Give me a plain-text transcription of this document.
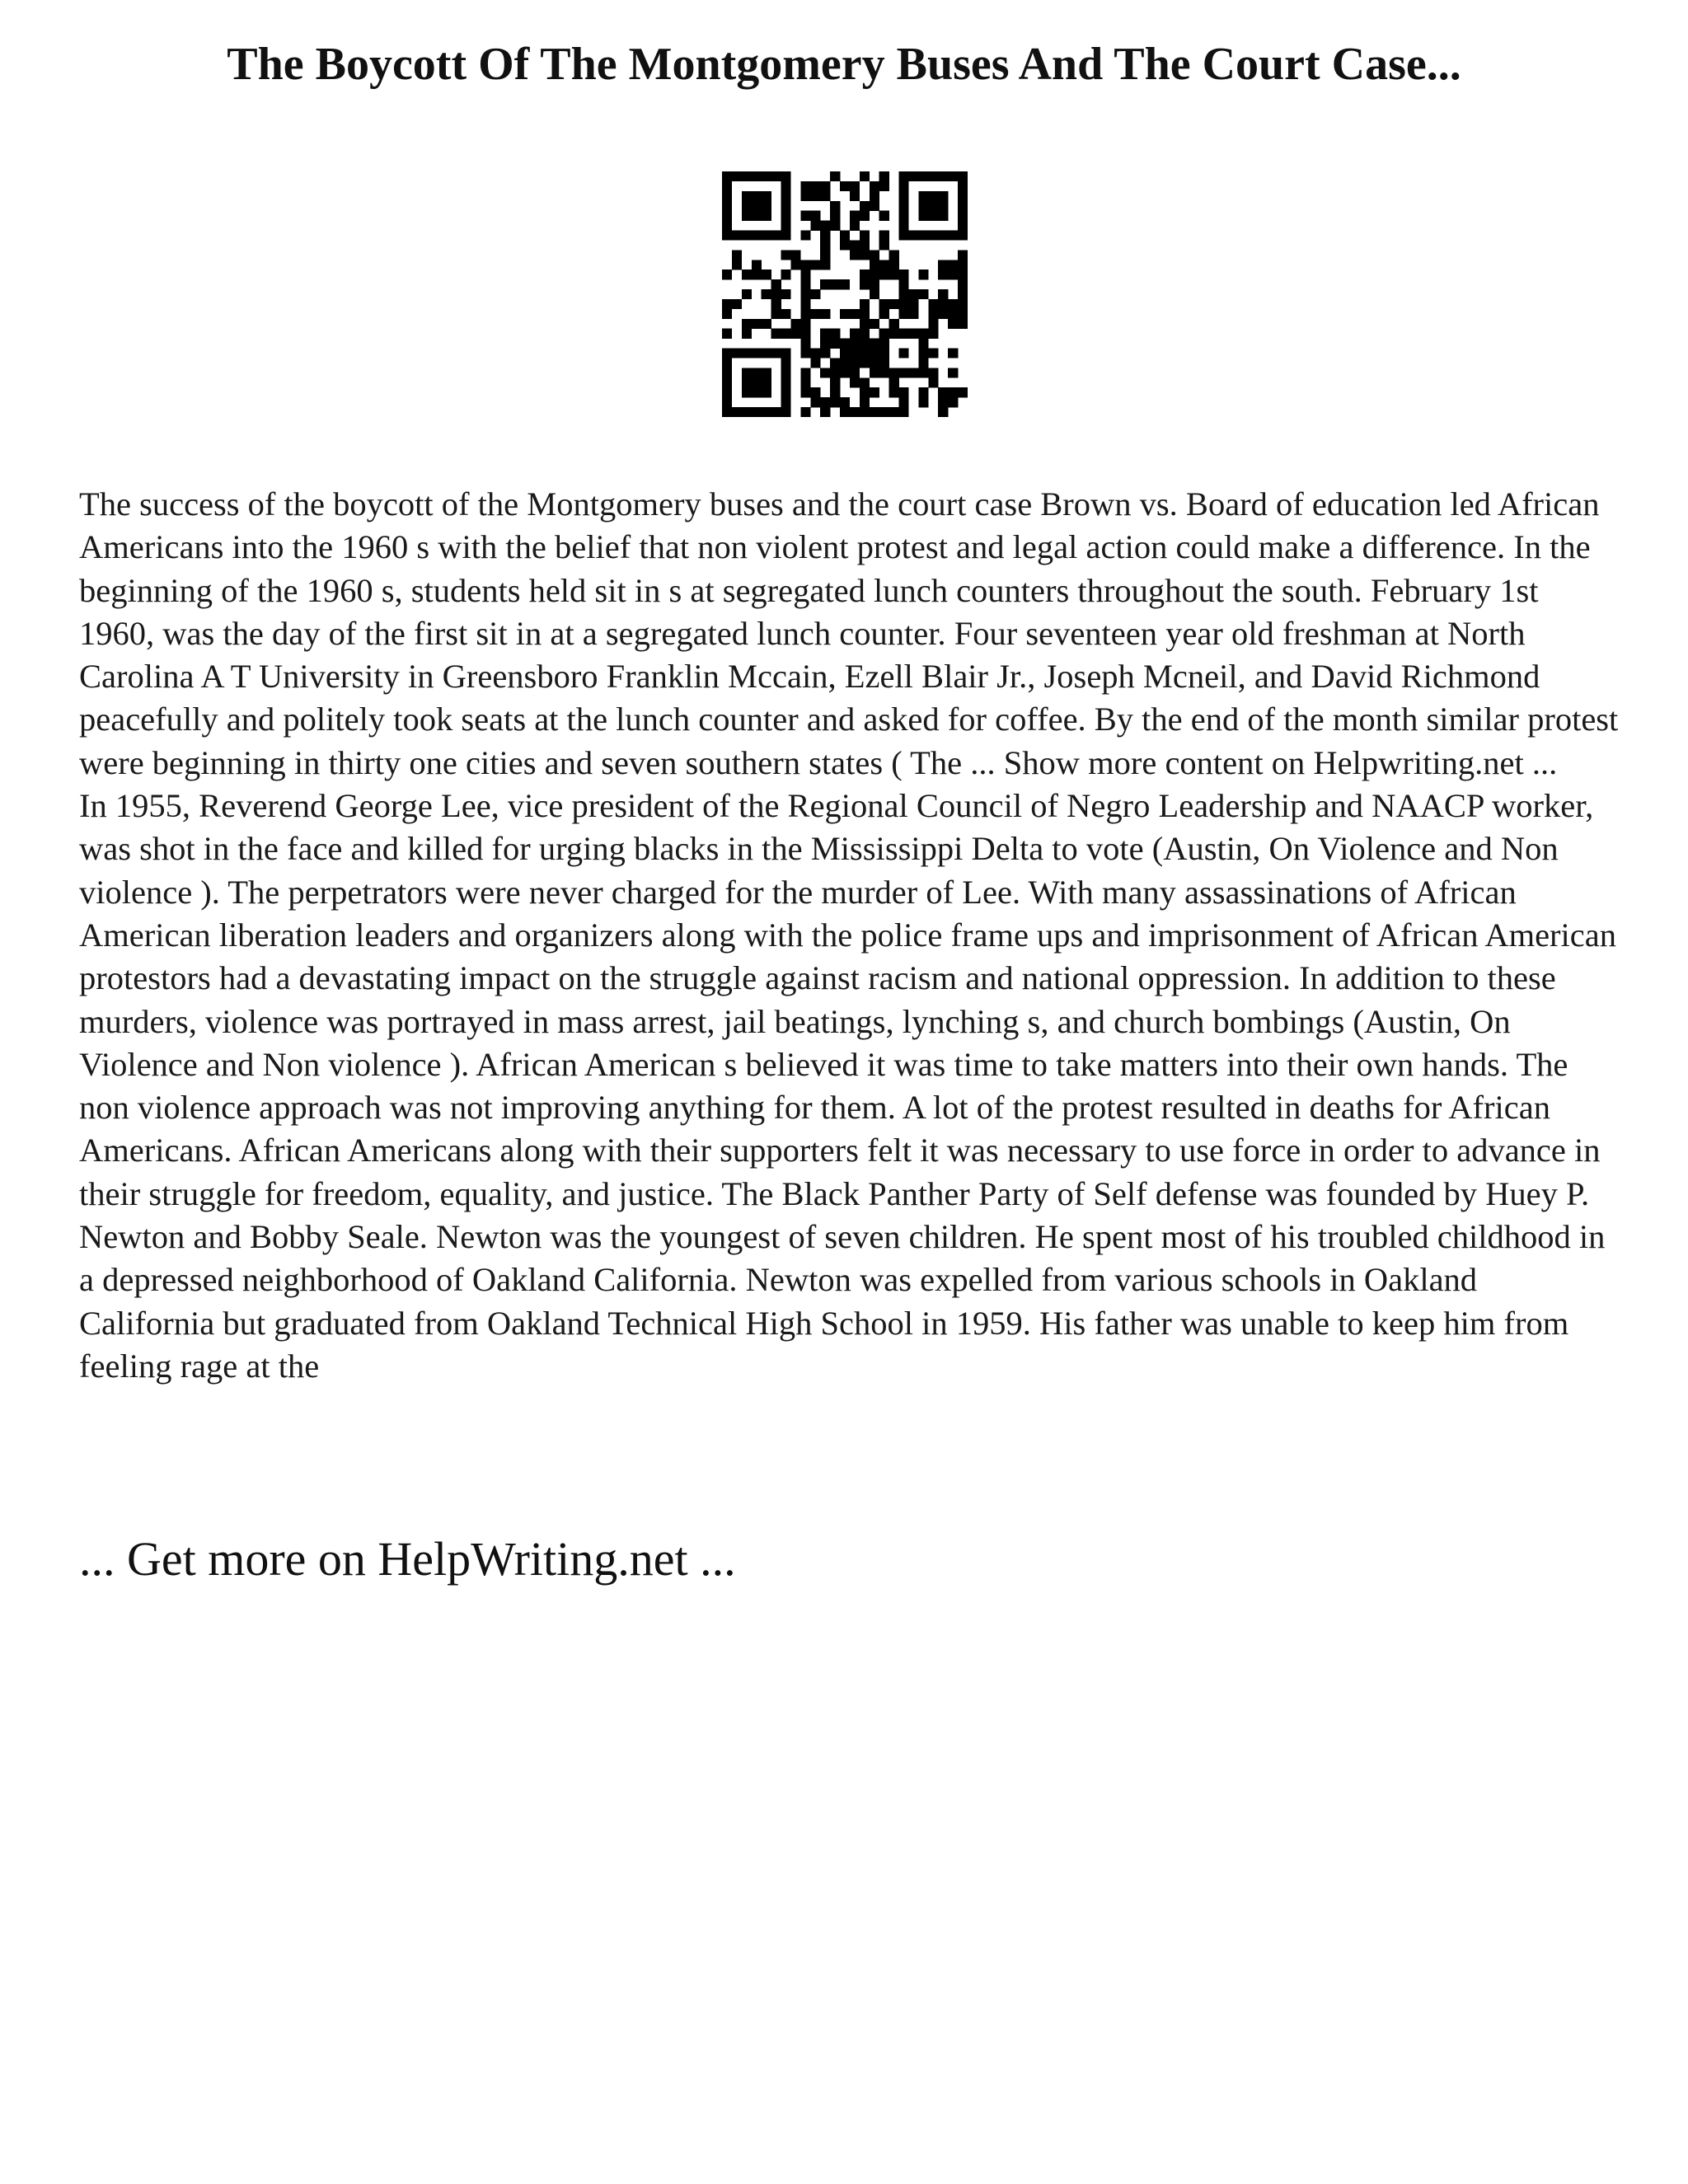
The Boycott Of The Montgomery Buses And The Court Case...

The success of the boycott of the Montgomery buses and the court case Brown vs. Board of education led African Americans into the 1960 s with the belief that non violent protest and legal action could make a difference. In the beginning of the 1960 s, students held sit in s at segregated lunch counters throughout the south. February 1st 1960, was the day of the first sit in at a segregated lunch counter. Four seventeen year old freshman at North Carolina A T University in Greensboro Franklin Mccain, Ezell Blair Jr., Joseph Mcneil, and David Richmond peacefully and politely took seats at the lunch counter and asked for coffee. By the end of the month similar protest were beginning in thirty one cities and seven southern states ( The ... Show more content on Helpwriting.net ...

In 1955, Reverend George Lee, vice president of the Regional Council of Negro Leadership and NAACP worker, was shot in the face and killed for urging blacks in the Mississippi Delta to vote (Austin, On Violence and Non violence ). The perpetrators were never charged for the murder of Lee. With many assassinations of African American liberation leaders and organizers along with the police frame ups and imprisonment of African American protestors had a devastating impact on the struggle against racism and national oppression. In addition to these murders, violence was portrayed in mass arrest, jail beatings, lynching s, and church bombings (Austin, On Violence and Non violence ). African American s believed it was time to take matters into their own hands. The non violence approach was not improving anything for them. A lot of the protest resulted in deaths for African Americans. African Americans along with their supporters felt it was necessary to use force in order to advance in their struggle for freedom, equality, and justice. The Black Panther Party of Self defense was founded by Huey P. Newton and Bobby Seale. Newton was the youngest of seven children. He spent most of his troubled childhood in a depressed neighborhood of Oakland California. Newton was expelled from various schools in Oakland California but graduated from Oakland Technical High School in 1959. His father was unable to keep him from feeling rage at the

... Get more on HelpWriting.net ...
